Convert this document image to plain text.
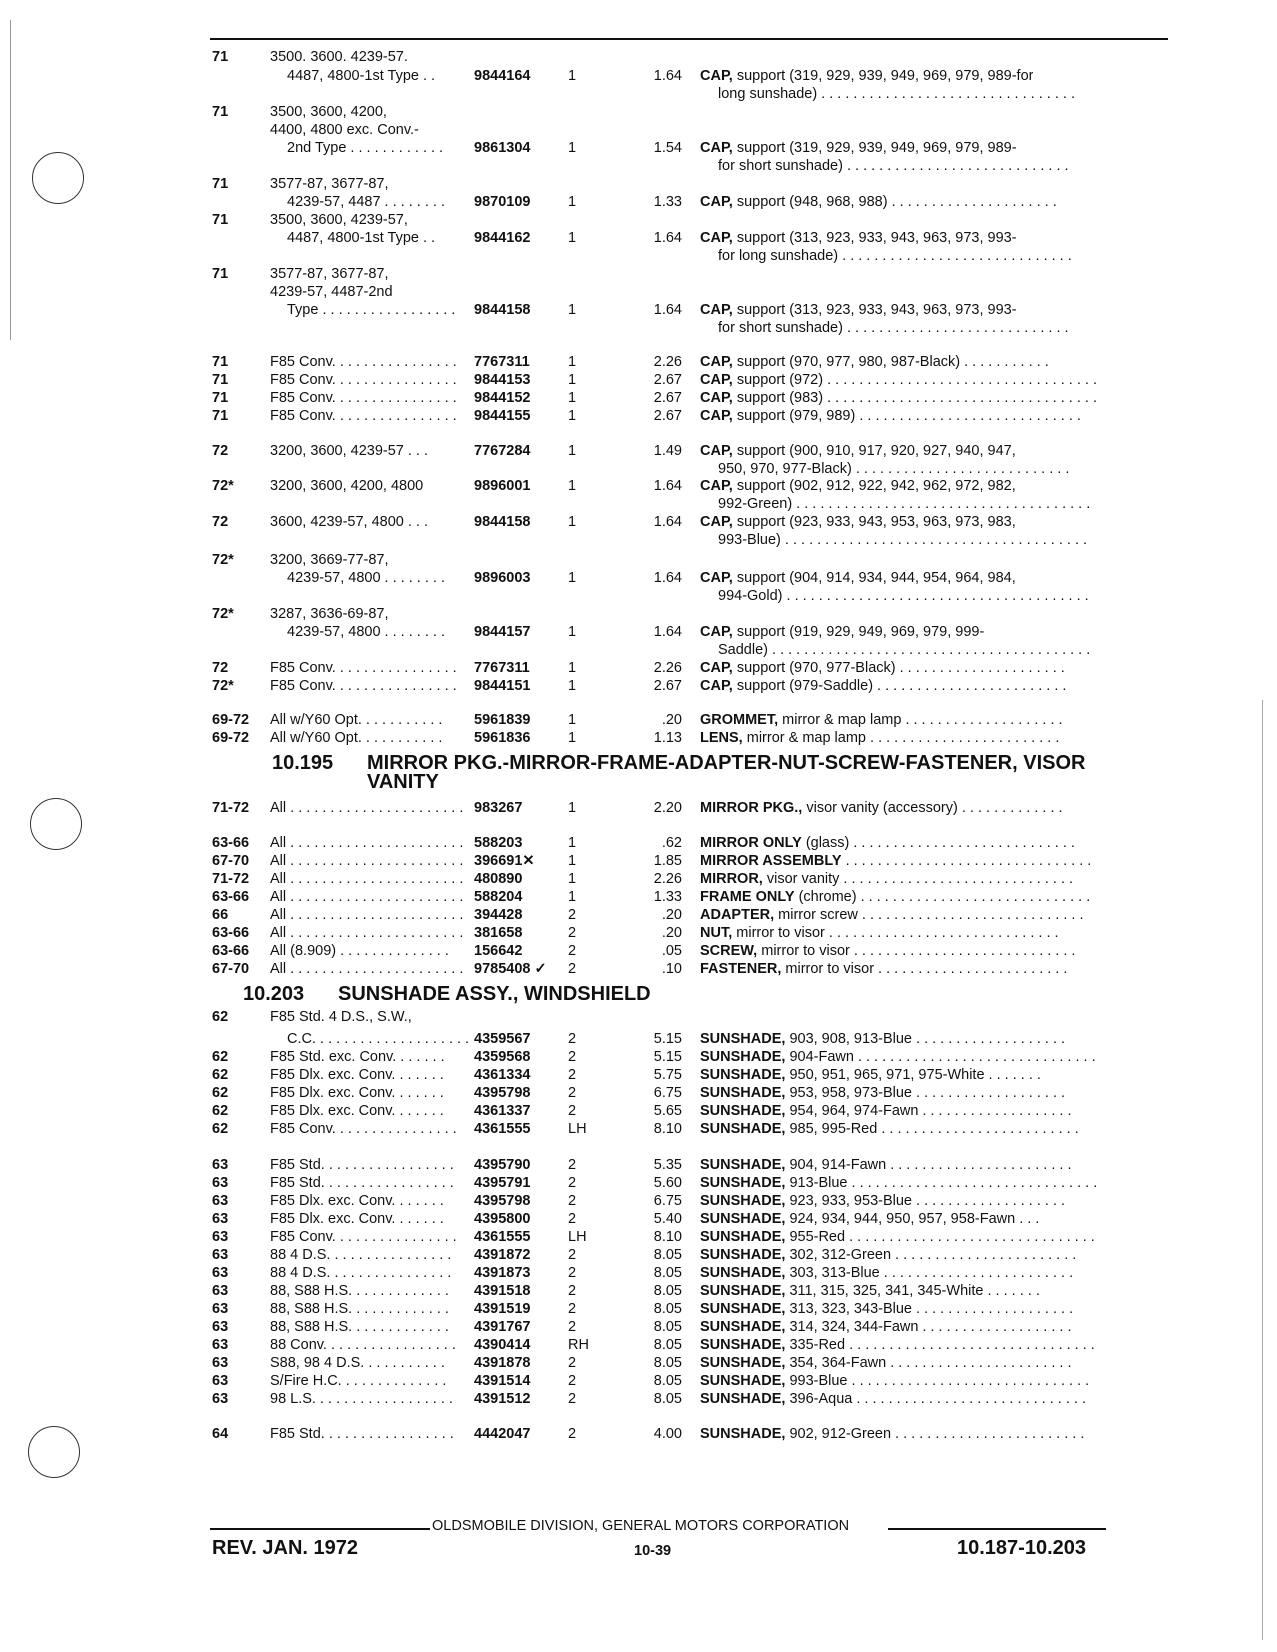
71	3500. 3600. 4239-57.
4487, 4800-1st Type . .	9844164	1	1.64 CAP, support (319, 929, 939, 949, 969, 979, 989-for
long sunshade) . . . . . . . . . . . . . . . . . . . . . . . . . . . . . . . .
71	3500, 3600, 4200,
4400, 4800 exc. Conv.-
2nd Type . . . . . . . . . . . . 9861304	1	1.54 CAP, support (319, 929, 939, 949, 969, 979, 989-
for short sunshade) . . . . . . . . . . . . . . . . . . . . . . . . . . . .
71	3577-87, 3677-87,
4239-57, 4487 . . . . . . . . 9870109	1	1.33 CAP, support (948, 968, 988) . . . . . . . . . . . . . . . . . . . . .
71	3500, 3600, 4239-57,
4487, 4800-1st Type . .	9844162	1	1.64 CAP, support (313, 923, 933, 943, 963, 973, 993-
for long sunshade) . . . . . . . . . . . . . . . . . . . . . . . . . . . . .
71	3577-87, 3677-87,
4239-57, 4487-2nd
Type . . . . . . . . . . . . . . . . . 9844158	1	1.64 CAP, support (313, 923, 933, 943, 963, 973, 993-
for short sunshade) . . . . . . . . . . . . . . . . . . . . . . . . . . . .
71	F85 Conv. . . . . . . . . . . . . . . . 7767311	1	2.26 CAP, support (970, 977, 980, 987-Black) . . . . . . . . . . .
71	F85 Conv. . . . . . . . . . . . . . . . 9844153	1	2.67 CAP, support (972) . . . . . . . . . . . . . . . . . . . . . . . . . . . . . . . . . .
71	F85 Conv. . . . . . . . . . . . . . . . 9844152	1	2.67 CAP, support (983) . . . . . . . . . . . . . . . . . . . . . . . . . . . . . . . . . .
71	F85 Conv. . . . . . . . . . . . . . . . 9844155	1	2.67 CAP, support (979, 989) . . . . . . . . . . . . . . . . . . . . . . . . . . . .
72	3200, 3600, 4239-57 . . .	7767284	1	1.49 CAP, support (900, 910, 917, 920, 927, 940, 947,
950, 970, 977-Black) . . . . . . . . . . . . . . . . . . . . . . . . . . .
72* 3200, 3600, 4200, 4800	9896001	1	1.64 CAP, support (902, 912, 922, 942, 962, 972, 982,
992-Green) . . . . . . . . . . . . . . . . . . . . . . . . . . . . . . . . . . . . .
72	3600, 4239-57, 4800 . . .	9844158	1	1.64 CAP, support (923, 933, 943, 953, 963, 973, 983,
993-Blue) . . . . . . . . . . . . . . . . . . . . . . . . . . . . . . . . . . . . . .
72* 3200, 3669-77-87,
4239-57, 4800 . . . . . . . . 9896003	1	1.64 CAP, support (904, 914, 934, 944, 954, 964, 984,
994-Gold) . . . . . . . . . . . . . . . . . . . . . . . . . . . . . . . . . . . . . .
72* 3287, 3636-69-87,
4239-57, 4800 . . . . . . . . 9844157	1	1.64 CAP, support (919, 929, 949, 969, 979, 999-
Saddle) . . . . . . . . . . . . . . . . . . . . . . . . . . . . . . . . . . . . . . . .
72	F85 Conv. . . . . . . . . . . . . . . . 7767311	1	2.26 CAP, support (970, 977-Black) . . . . . . . . . . . . . . . . . . . . .
72* F85 Conv. . . . . . . . . . . . . . . . 9844151	1	2.67 CAP, support (979-Saddle) . . . . . . . . . . . . . . . . . . . . . . . .
69-72 All w/Y60 Opt. . . . . . . . . . . 5961839	1	.20 GROMMET, mirror & map lamp . . . . . . . . . . . . . . . . . . . .
69-72 All w/Y60 Opt. . . . . . . . . . . 5961836	1	1.13 LENS, mirror & map lamp . . . . . . . . . . . . . . . . . . . . . . . .
71-72 All . . . . . . . . . . . . . . . . . . . . . . 983267	1	2.20 MIRROR PKG., visor vanity (accessory) . . . . . . . . . . . . .
63-66 All . . . . . . . . . . . . . . . . . . . . . . 588203	1	.62 MIRROR ONLY (glass) . . . . . . . . . . . . . . . . . . . . . . . . . . . .
67-70 All . . . . . . . . . . . . . . . . . . . . . . 396691✕ 1	1.85 MIRROR ASSEMBLY . . . . . . . . . . . . . . . . . . . . . . . . . . . . . . .
71-72 All . . . . . . . . . . . . . . . . . . . . . . 480890	1	2.26 MIRROR, visor vanity . . . . . . . . . . . . . . . . . . . . . . . . . . . . .
63-66 All . . . . . . . . . . . . . . . . . . . . . . 588204	1	1.33 FRAME ONLY (chrome) . . . . . . . . . . . . . . . . . . . . . . . . . . . . .
66	All . . . . . . . . . . . . . . . . . . . . . . 394428	2	.20 ADAPTER, mirror screw . . . . . . . . . . . . . . . . . . . . . . . . . . . .
63-66 All . . . . . . . . . . . . . . . . . . . . . . 381658	2	.20 NUT, mirror to visor . . . . . . . . . . . . . . . . . . . . . . . . . . . . .
63-66 All (8.909) . . . . . . . . . . . . . . 156642	2	.05 SCREW, mirror to visor . . . . . . . . . . . . . . . . . . . . . . . . . . . .
67-70 All . . . . . . . . . . . . . . . . . . . . . . 9785408 ✓ 2	.10 FASTENER, mirror to visor . . . . . . . . . . . . . . . . . . . . . . . .
62	F85 Std. 4 D.S., S.W.,
C.C. . . . . . . . . . . . . . . . . . . . 4359567	2	5.15 SUNSHADE, 903, 908, 913-Blue . . . . . . . . . . . . . . . . . . .
62	F85 Std. exc. Conv. . . . . . . 4359568	2	5.15 SUNSHADE, 904-Fawn . . . . . . . . . . . . . . . . . . . . . . . . . . . . . .
62	F85 Dlx. exc. Conv. . . . . . . 4361334	2	5.75 SUNSHADE, 950, 951, 965, 971, 975-White . . . . . . .
62	F85 Dlx. exc. Conv. . . . . . . 4395798	2	6.75 SUNSHADE, 953, 958, 973-Blue . . . . . . . . . . . . . . . . . . .
62	F85 Dlx. exc. Conv. . . . . . . 4361337	2	5.65 SUNSHADE, 954, 964, 974-Fawn . . . . . . . . . . . . . . . . . . .
62	F85 Conv. . . . . . . . . . . . . . . . 4361555	LH	8.10 SUNSHADE, 985, 995-Red . . . . . . . . . . . . . . . . . . . . . . . . .
63	F85 Std. . . . . . . . . . . . . . . . . 4395790	2	5.35 SUNSHADE, 904, 914-Fawn . . . . . . . . . . . . . . . . . . . . . . .
63	F85 Std. . . . . . . . . . . . . . . . . 4395791	2	5.60 SUNSHADE, 913-Blue . . . . . . . . . . . . . . . . . . . . . . . . . . . . . . .
63	F85 Dlx. exc. Conv. . . . . . . 4395798	2	6.75 SUNSHADE, 923, 933, 953-Blue . . . . . . . . . . . . . . . . . . .
63	F85 Dlx. exc. Conv. . . . . . . 4395800	2	5.40 SUNSHADE, 924, 934, 944, 950, 957, 958-Fawn . . .
63	F85 Conv. . . . . . . . . . . . . . . . 4361555	LH	8.10 SUNSHADE, 955-Red . . . . . . . . . . . . . . . . . . . . . . . . . . . . . . .
63	88 4 D.S. . . . . . . . . . . . . . . . 4391872	2	8.05 SUNSHADE, 302, 312-Green . . . . . . . . . . . . . . . . . . . . . . .
63	88 4 D.S. . . . . . . . . . . . . . . . 4391873	2	8.05 SUNSHADE, 303, 313-Blue . . . . . . . . . . . . . . . . . . . . . . . .
63	88, S88 H.S. . . . . . . . . . . . . 4391518	2	8.05 SUNSHADE, 311, 315, 325, 341, 345-White . . . . . . .
63	88, S88 H.S. . . . . . . . . . . . . 4391519	2	8.05 SUNSHADE, 313, 323, 343-Blue . . . . . . . . . . . . . . . . . . . .
63	88, S88 H.S. . . . . . . . . . . . . 4391767	2	8.05 SUNSHADE, 314, 324, 344-Fawn . . . . . . . . . . . . . . . . . . .
63	88 Conv. . . . . . . . . . . . . . . . . 4390414	RH	8.05 SUNSHADE, 335-Red . . . . . . . . . . . . . . . . . . . . . . . . . . . . . . .
63	S88, 98 4 D.S. . . . . . . . . . . 4391878	2	8.05 SUNSHADE, 354, 364-Fawn . . . . . . . . . . . . . . . . . . . . . . .
63	S/Fire H.C. . . . . . . . . . . . . . 4391514	2	8.05 SUNSHADE, 993-Blue . . . . . . . . . . . . . . . . . . . . . . . . . . . . . .
63	98 L.S. . . . . . . . . . . . . . . . . . 4391512	2	8.05 SUNSHADE, 396-Aqua . . . . . . . . . . . . . . . . . . . . . . . . . . . . .
64	F85 Std. . . . . . . . . . . . . . . . . 4442047	2	4.00 SUNSHADE, 902, 912-Green . . . . . . . . . . . . . . . . . . . . . . . .
10.195 MIRROR PKG.-MIRROR-FRAME-ADAPTER-NUT-SCREW-FASTENER, VISOR
VANITY
10.203 SUNSHADE ASSY., WINDSHIELD
OLDSMOBILE DIVISION, GENERAL MOTORS CORPORATION
REV. JAN. 1972	10-39	10.187-10.203
